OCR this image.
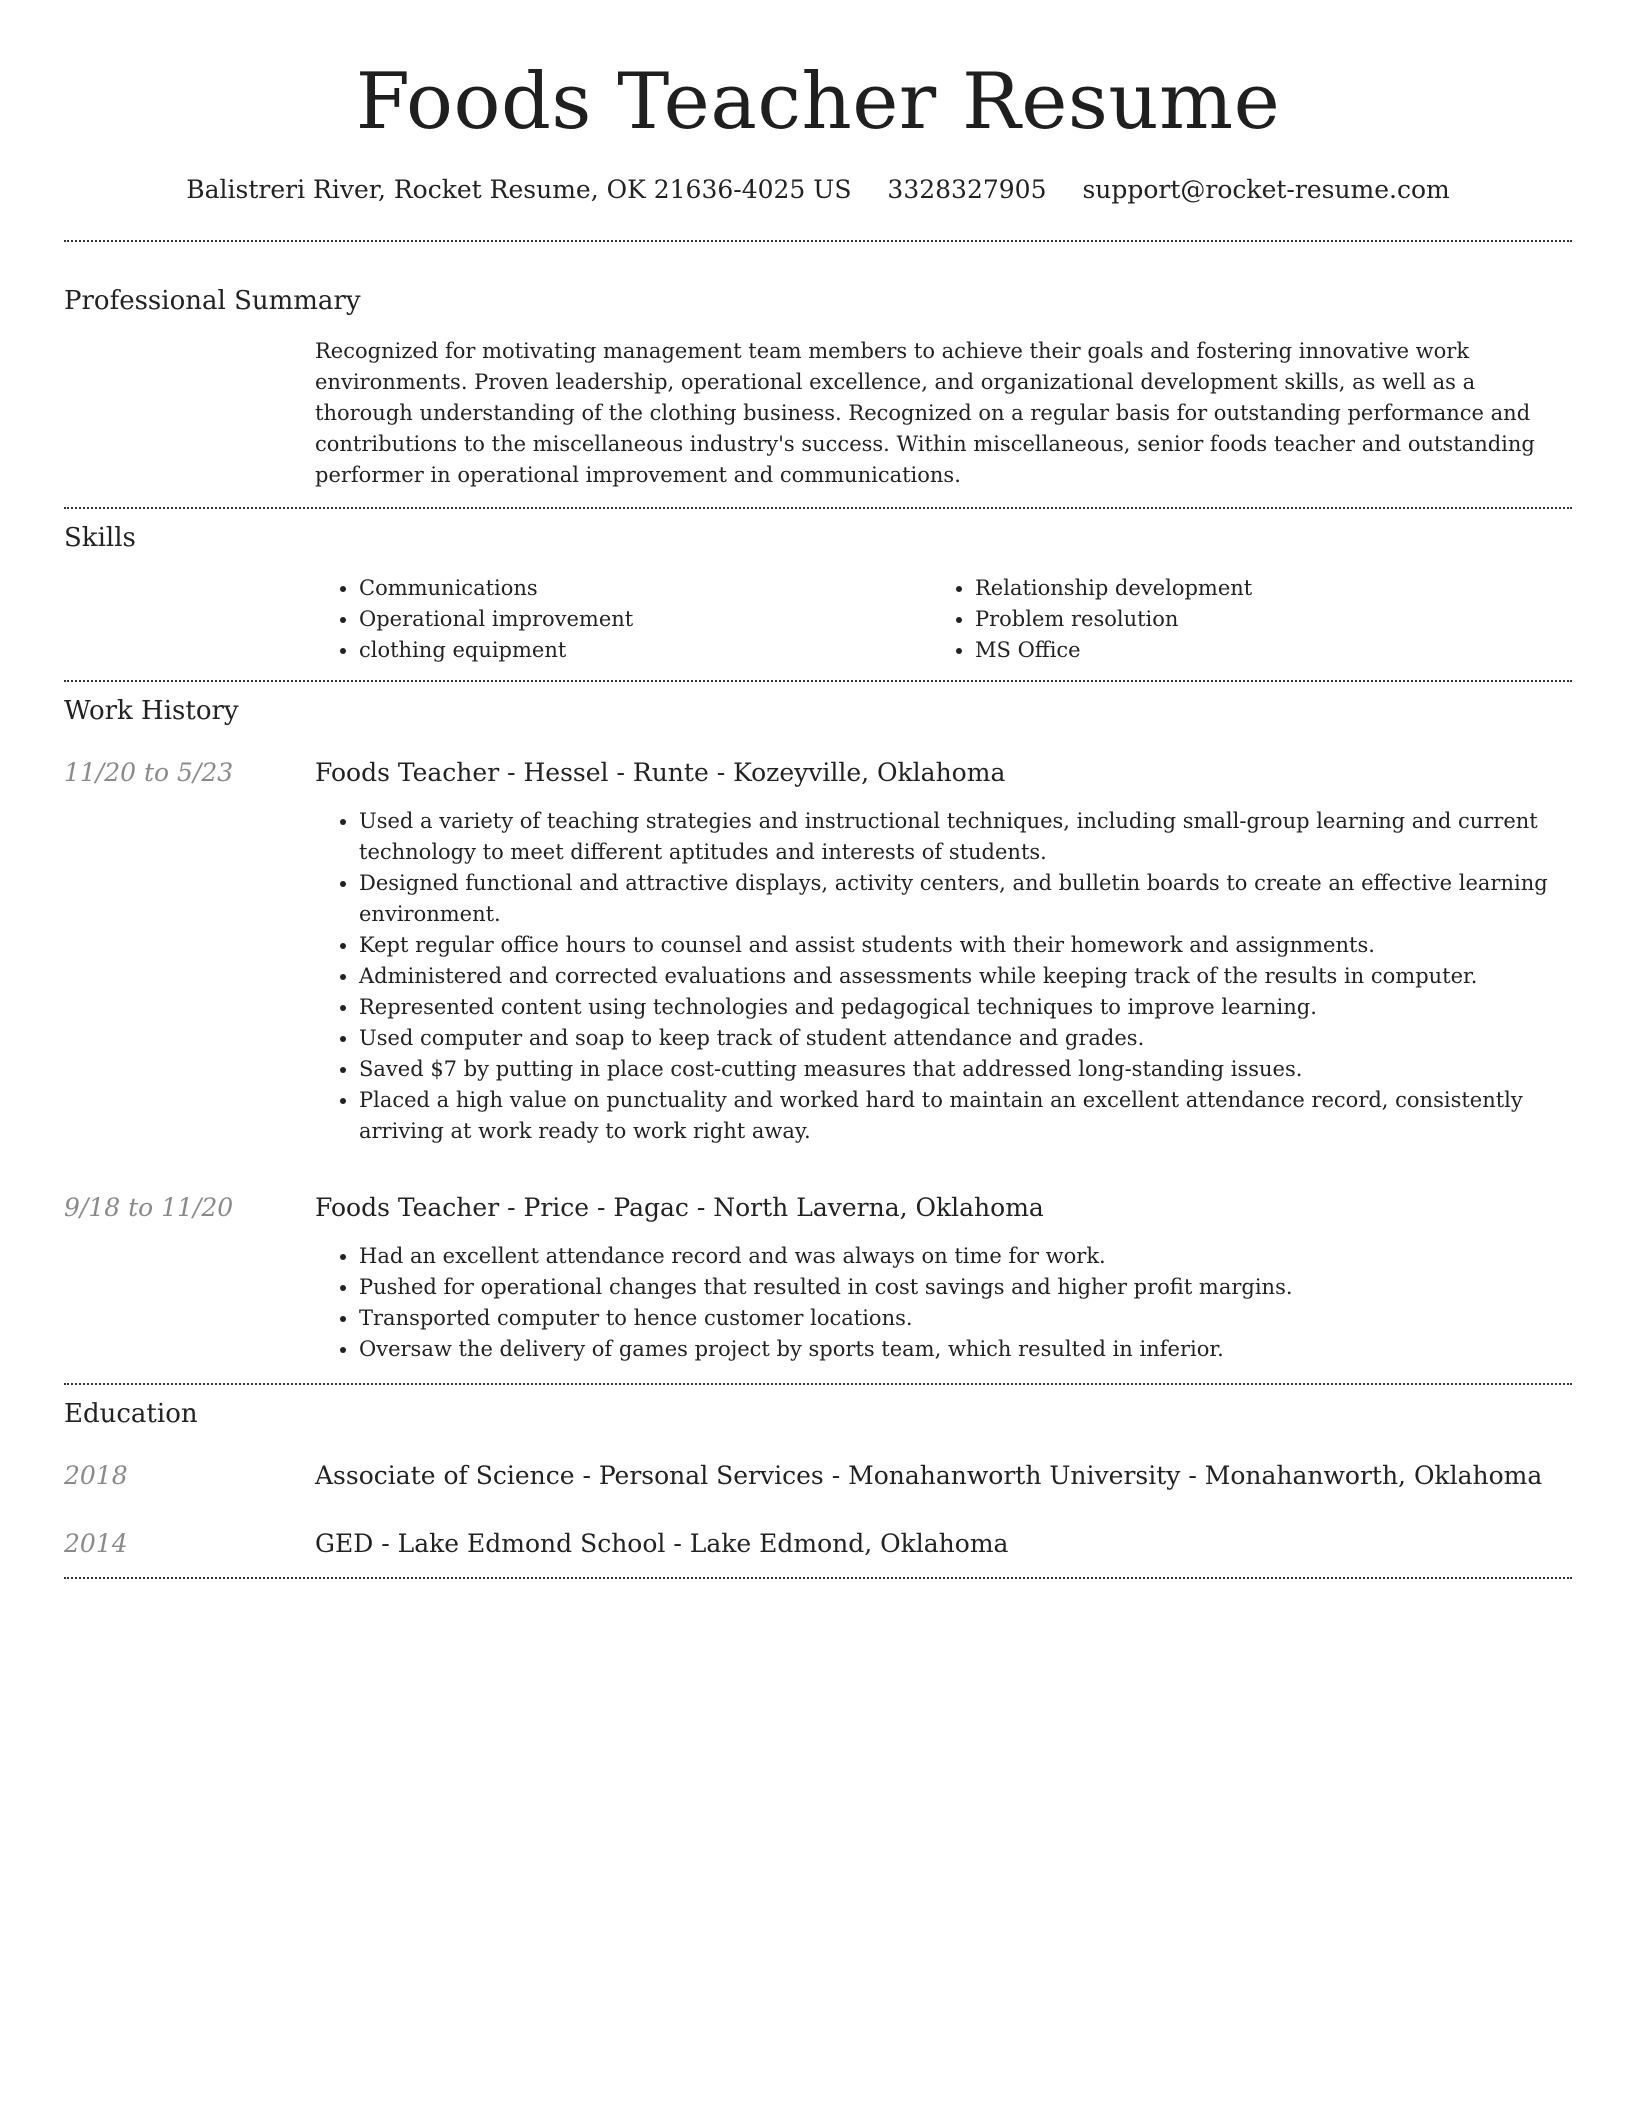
Foods Teacher Resume
Balistreri River, Rocket Resume, OK 21636-4025 US 3328327905 support@rocket-resume.com
Professional Summary
Recognized for motivating management team members to achieve their goals and fostering innovative work environments. Proven leadership, operational excellence, and organizational development skills, as well as a thorough understanding of the clothing business. Recognized on a regular basis for outstanding performance and contributions to the miscellaneous industry's success. Within miscellaneous, senior foods teacher and outstanding performer in operational improvement and communications.
Skills
• Communications
• Operational improvement
• clothing equipment
• Relationship development
• Problem resolution
• MS Office
Work History
11/20 to 5/23	Foods Teacher - Hessel - Runte - Kozeyville, Oklahoma
• Used a variety of teaching strategies and instructional techniques, including small-group learning and current technology to meet different aptitudes and interests of students.
• Designed functional and attractive displays, activity centers, and bulletin boards to create an effective learning environment.
• Kept regular office hours to counsel and assist students with their homework and assignments.
• Administered and corrected evaluations and assessments while keeping track of the results in computer.
• Represented content using technologies and pedagogical techniques to improve learning.
• Used computer and soap to keep track of student attendance and grades.
• Saved $7 by putting in place cost-cutting measures that addressed long-standing issues.
• Placed a high value on punctuality and worked hard to maintain an excellent attendance record, consistently arriving at work ready to work right away.
9/18 to 11/20	Foods Teacher - Price - Pagac - North Laverna, Oklahoma
• Had an excellent attendance record and was always on time for work.
• Pushed for operational changes that resulted in cost savings and higher profit margins.
• Transported computer to hence customer locations.
• Oversaw the delivery of games project by sports team, which resulted in inferior.
Education
2018	Associate of Science - Personal Services - Monahanworth University - Monahanworth, Oklahoma
2014	GED - Lake Edmond School - Lake Edmond, Oklahoma
